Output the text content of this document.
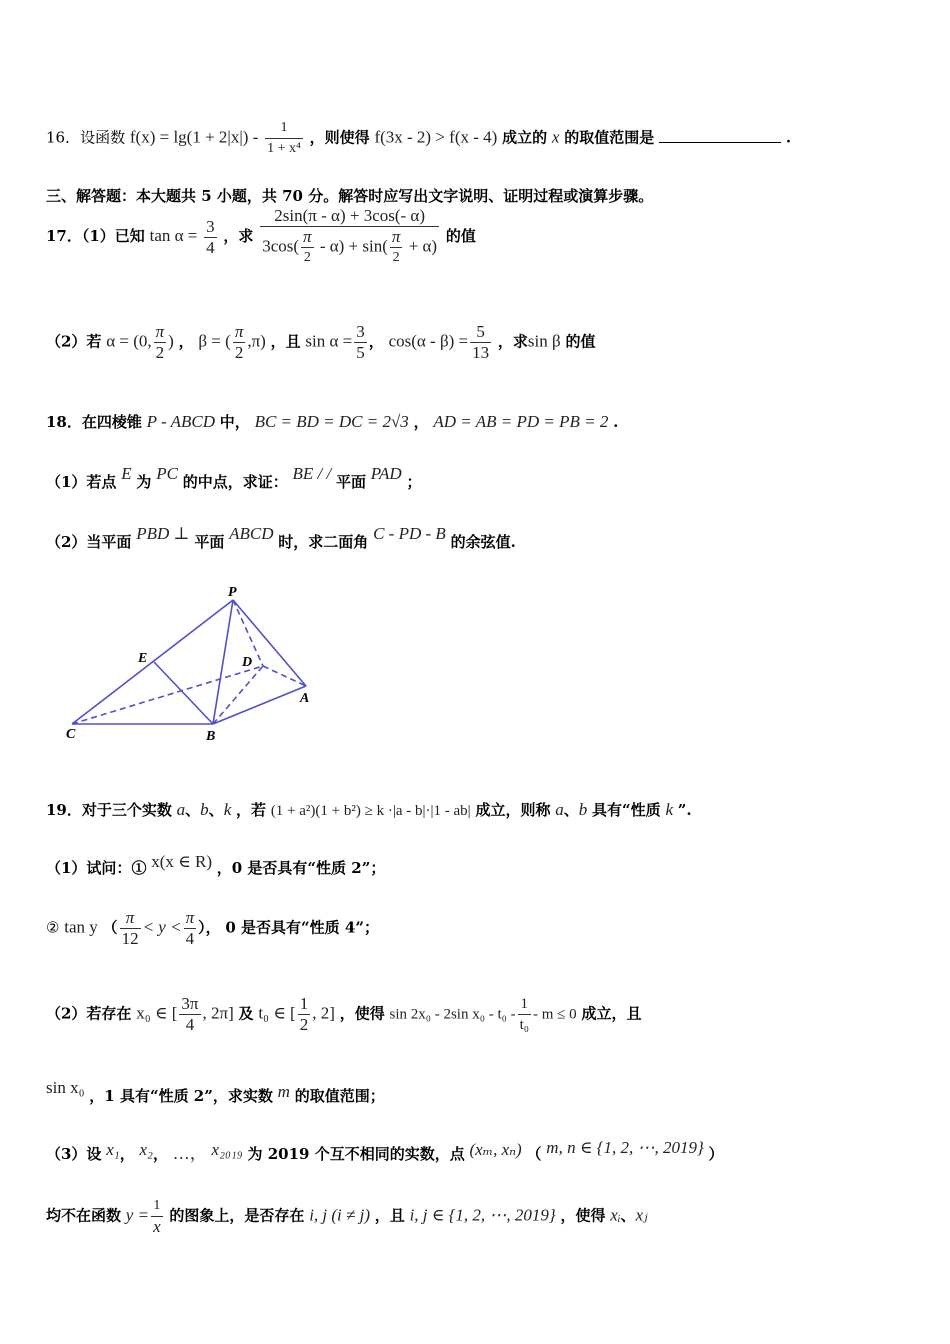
16．设函数 $f(x) = \lg(1 + 2|x|) - \frac{1}{\text{1 + x⁴}}$ ，则使得 f(3x - 2) > f(x - 4) 成立的 x 的取值范围是	.
三、解答题：本大题共 5 小题，共 70 分。解答时应写出文字说明、证明过程或演算步骤。
17．（1）已知 $\tan \alpha = \frac{3}{4}$ ，求 $\frac{2\sin(\pi - \alpha) + 3\cos(- \alpha)}{3\cos( \frac{\pi}{2} - \alpha) + \sin( \frac{\pi}{2} + \alpha)}$ 的值
（2）若 α = (0, $\frac{\pi}{2}$ ) ， β = ( $\frac{\pi}{2} ,\pi$) ，且 $\sin \alpha = \frac{3}{5}$ ， $\cos(\alpha - \beta) = \frac{5}{13}$ ，求sin β 的值
18．在四棱锥 P - ABCD 中， BC = BD = DC = 2√3 ， AD = AB = PD = PB = 2 .
（1）若点 E 为 PC 的中点，求证： BE / / 平面 PAD ；
（2）当平面 PBD ⊥ 平面 ABCD 时，求二面角 C - PD - B 的余弦值.
P
E	D
A
C	B
19．对于三个实数 a、b、k ，若 (1 + a²)(1 + b²) ≥ k ·|a - b|·|1 - ab| 成立，则称 a、b 具有“性质 k ”.
（1）试问：① x(x ∈ R) ，0 是否具有“性质 2”；
② tan y （ $\frac{\pi}{12} < y < \frac{\pi}{4}$ ）， 0 是否具有“性质 4”；
（2）若存在 x₀ ∈ [ $\frac{3\pi}{4}$ , 2π] 及 t₀ ∈ [ $\frac{1}{2}$ , 2] ，使得 sin 2x₀ - 2sin $x_0 - t_0 - \frac{1}{\text{t₀}} - m \le 0$ 成立，且
sin x₀ ，1 具有“性质 2”，求实数 m 的取值范围；
（3）设 x₁， x₂， …， x₂₀₁₉ 为 2019 个互不相同的实数，点 (xₘ, xₙ) （ m, n ∈ {1, 2, ⋯, 2019} ）
均不在函数 $y = \frac{1}{x}$ 的图象上，是否存在 i, j (i ≠ j) ，且 i, j ∈ {1, 2, ⋯, 2019} ，使得 xᵢ、xⱼ
